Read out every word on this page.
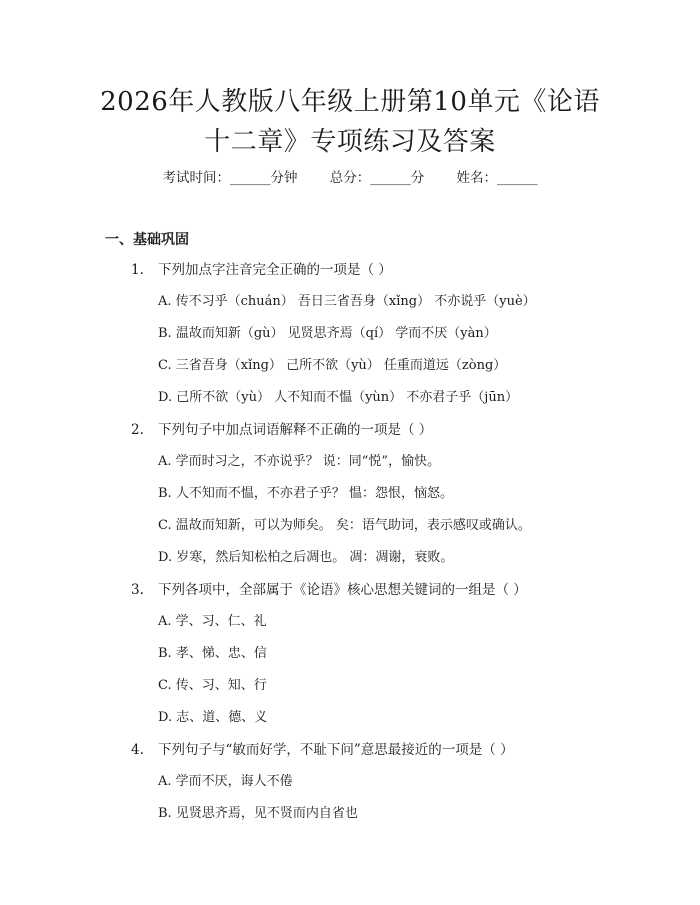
2026年人教版八年级上册第10单元《论语
十二章》专项练习及答案
考试时间：______分钟 总分：______分 姓名：______
一、基础巩固
1. 下列加点字注音完全正确的一项是（ ）
A. 传不习乎（chuán） 吾日三省吾身（xǐng） 不亦说乎（yuè）
B. 温故而知新（gù） 见贤思齐焉（qí） 学而不厌（yàn）
C. 三省吾身（xǐng） 己所不欲（yù） 任重而道远（zòng）
D. 己所不欲（yù） 人不知而不愠（yùn） 不亦君子乎（jūn）
2. 下列句子中加点词语解释不正确的一项是（ ）
A. 学而时习之，不亦说乎？ 说：同“悦”，愉快。
B. 人不知而不愠，不亦君子乎？ 愠：怨恨，恼怒。
C. 温故而知新，可以为师矣。 矣：语气助词，表示感叹或确认。
D. 岁寒，然后知松柏之后凋也。 凋：凋谢，衰败。
3. 下列各项中，全部属于《论语》核心思想关键词的一组是（ ）
A. 学、习、仁、礼
B. 孝、悌、忠、信
C. 传、习、知、行
D. 志、道、德、义
4. 下列句子与“敏而好学，不耻下问”意思最接近的一项是（ ）
A. 学而不厌，诲人不倦
B. 见贤思齐焉，见不贤而内自省也
